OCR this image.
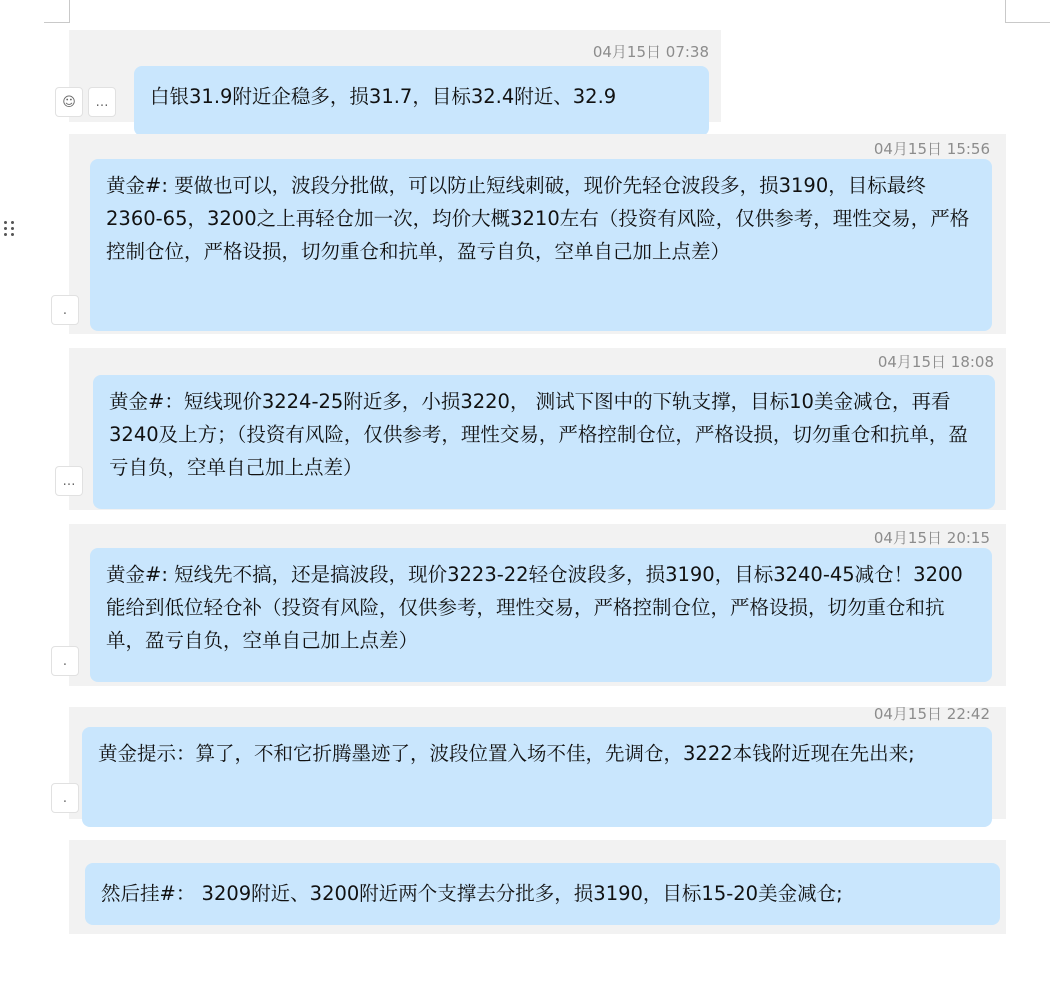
04月15日 07:38
☺	…	白银31.9附近企稳多，损31.7，目标32.4附近、32.9
04月15日 15:56
.
黄金#: 要做也可以，波段分批做，可以防止短线刺破，现价先轻仓波段多，损3190，目标最终2360-65，3200之上再轻仓加一次，均价大概3210左右（投资有风险，仅供参考，理性交易，严格控制仓位，严格设损，切勿重仓和抗单，盈亏自负，空单自己加上点差）
04月15日 18:08
…
黄金#：短线现价3224-25附近多，小损3220， 测试下图中的下轨支撑，目标10美金减仓，再看3240及上方；（投资有风险，仅供参考，理性交易，严格控制仓位，严格设损，切勿重仓和抗单，盈亏自负，空单自己加上点差）
04月15日 20:15
.
黄金#: 短线先不搞，还是搞波段，现价3223-22轻仓波段多，损3190，目标3240-45减仓！3200能给到低位轻仓补（投资有风险，仅供参考，理性交易，严格控制仓位，严格设损，切勿重仓和抗单，盈亏自负，空单自己加上点差）
04月15日 22:42
.
黄金提示：算了，不和它折腾墨迹了，波段位置入场不佳，先调仓，3222本钱附近现在先出来;
然后挂#： 3209附近、3200附近两个支撑去分批多，损3190，目标15-20美金减仓;
